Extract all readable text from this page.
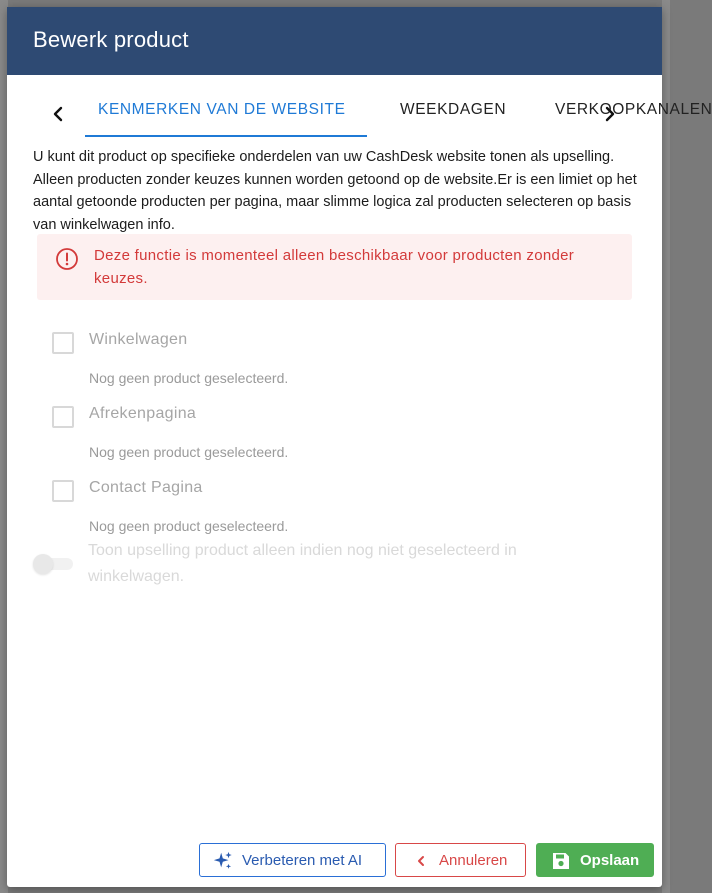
Bewerk product
KENMERKEN VAN DE WEBSITE	WEEKDAGEN	VERKOOPKANALEN
U kunt dit product op specifieke onderdelen van uw CashDesk website tonen als upselling. Alleen producten zonder keuzes kunnen worden getoond op de website.Er is een limiet op het aantal getoonde producten per pagina, maar slimme logica zal producten selecteren op basis van winkelwagen info.
Deze functie is momenteel alleen beschikbaar voor producten zonder keuzes.
Winkelwagen
Nog geen product geselecteerd.
Afrekenpagina
Nog geen product geselecteerd.
Contact Pagina
Nog geen product geselecteerd.
Toon upselling product alleen indien nog niet geselecteerd in winkelwagen.
Verbeteren met AI	Annuleren	Opslaan
